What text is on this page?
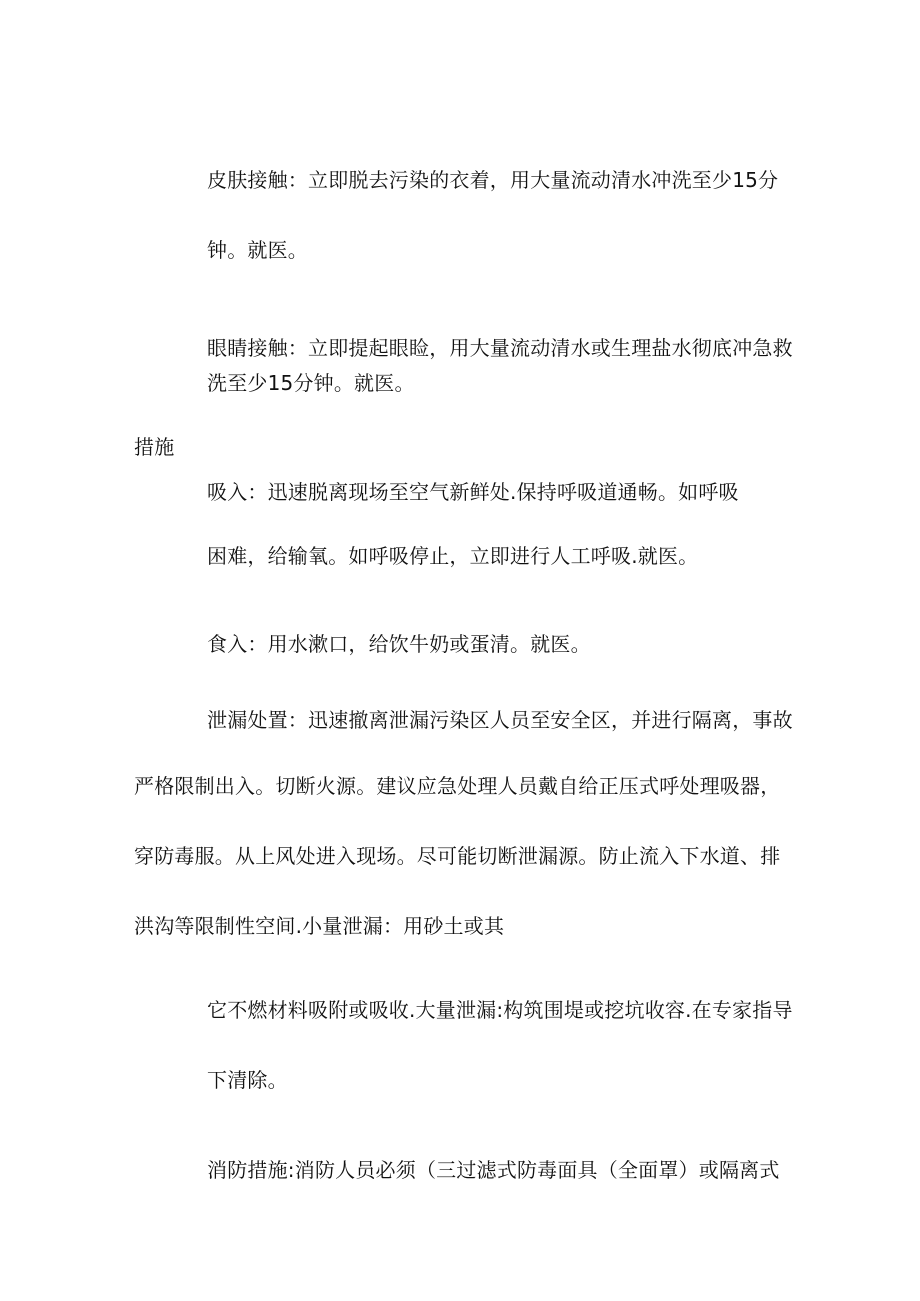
皮肤接触：立即脱去污染的衣着，用大量流动清水冲洗至少15分
钟。就医。
眼睛接触：立即提起眼睑，用大量流动清水或生理盐水彻底冲急救
洗至少15分钟。就医。
措施
吸入：迅速脱离现场至空气新鲜处.保持呼吸道通畅。如呼吸
困难，给输氧。如呼吸停止，立即进行人工呼吸.就医。
食入：用水漱口，给饮牛奶或蛋清。就医。
泄漏处置：迅速撤离泄漏污染区人员至安全区，并进行隔离，事故
严格限制出入。切断火源。建议应急处理人员戴自给正压式呼处理吸器，
穿防毒服。从上风处进入现场。尽可能切断泄漏源。防止流入下水道、排
洪沟等限制性空间.小量泄漏：用砂土或其
它不燃材料吸附或吸收.大量泄漏:构筑围堤或挖坑收容.在专家指导
下清除。
消防措施:消防人员必须（三过滤式防毒面具（全面罩）或隔离式
